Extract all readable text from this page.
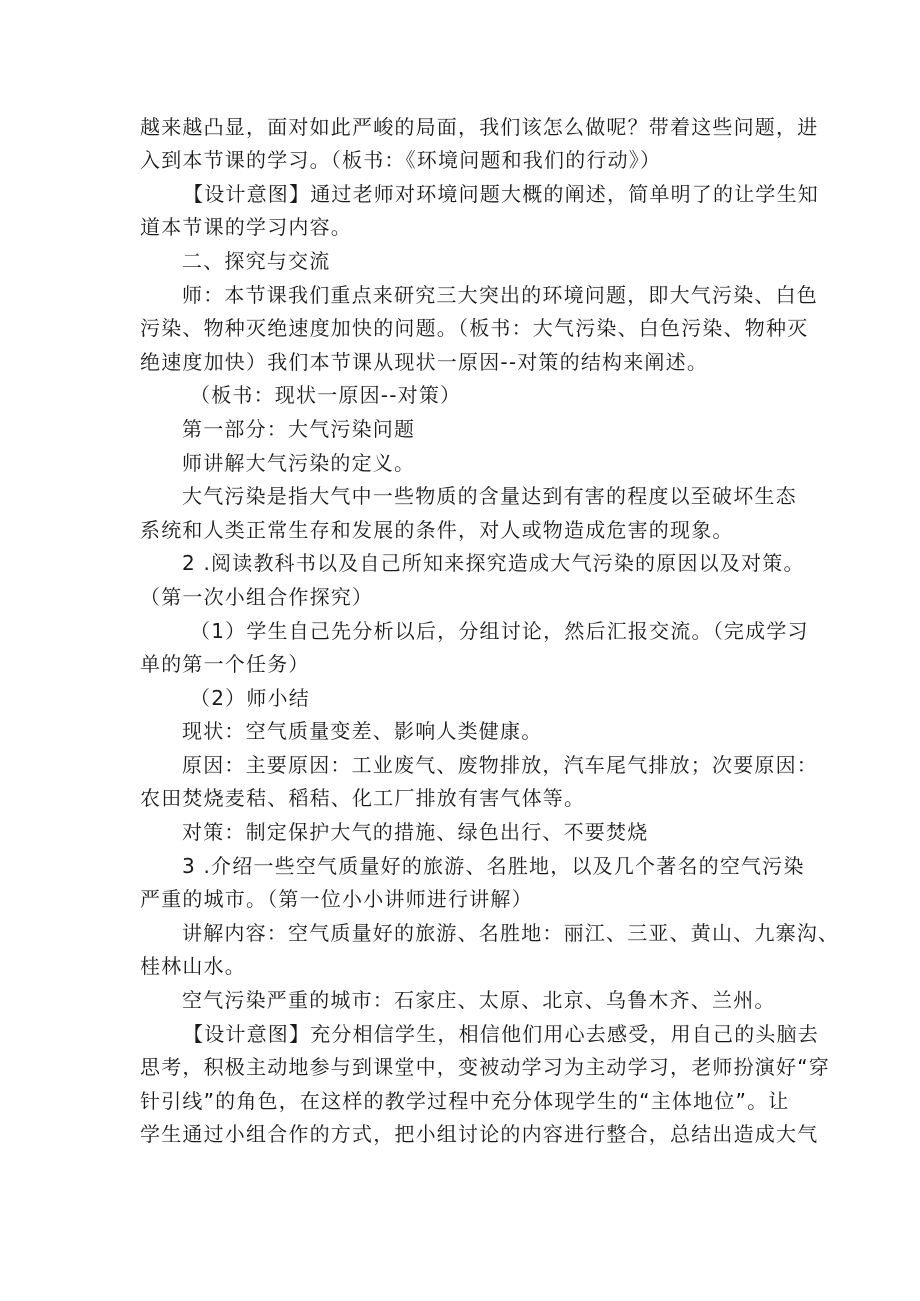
越来越凸显，面对如此严峻的局面，我们该怎么做呢？带着这些问题，进
入到本节课的学习。（板书：《环境问题和我们的行动》）
【设计意图】通过老师对环境问题大概的阐述，简单明了的让学生知
道本节课的学习内容。
二、探究与交流
师：本节课我们重点来研究三大突出的环境问题，即大气污染、白色
污染、物种灭绝速度加快的问题。（板书：大气污染、白色污染、物种灭
绝速度加快）我们本节课从现状一原因--对策的结构来阐述。
（板书：现状一原因--对策）
第一部分：大气污染问题
师讲解大气污染的定义。
大气污染是指大气中一些物质的含量达到有害的程度以至破坏生态
系统和人类正常生存和发展的条件，对人或物造成危害的现象。
2 .阅读教科书以及自己所知来探究造成大气污染的原因以及对策。
（第一次小组合作探究）
（1）学生自己先分析以后，分组讨论，然后汇报交流。（完成学习
单的第一个任务）
（2）师小结
现状：空气质量变差、影响人类健康。
原因：主要原因：工业废气、废物排放，汽车尾气排放；次要原因：
农田焚烧麦秸、稻秸、化工厂排放有害气体等。
对策：制定保护大气的措施、绿色出行、不要焚烧
3 .介绍一些空气质量好的旅游、名胜地，以及几个著名的空气污染
严重的城市。（第一位小小讲师进行讲解）
讲解内容：空气质量好的旅游、名胜地：丽江、三亚、黄山、九寨沟、
桂林山水。
空气污染严重的城市：石家庄、太原、北京、乌鲁木齐、兰州。
【设计意图】充分相信学生，相信他们用心去感受，用自己的头脑去
思考，积极主动地参与到课堂中，变被动学习为主动学习，老师扮演好“穿
针引线”的角色，在这样的教学过程中充分体现学生的“主体地位”。让
学生通过小组合作的方式，把小组讨论的内容进行整合，总结出造成大气
